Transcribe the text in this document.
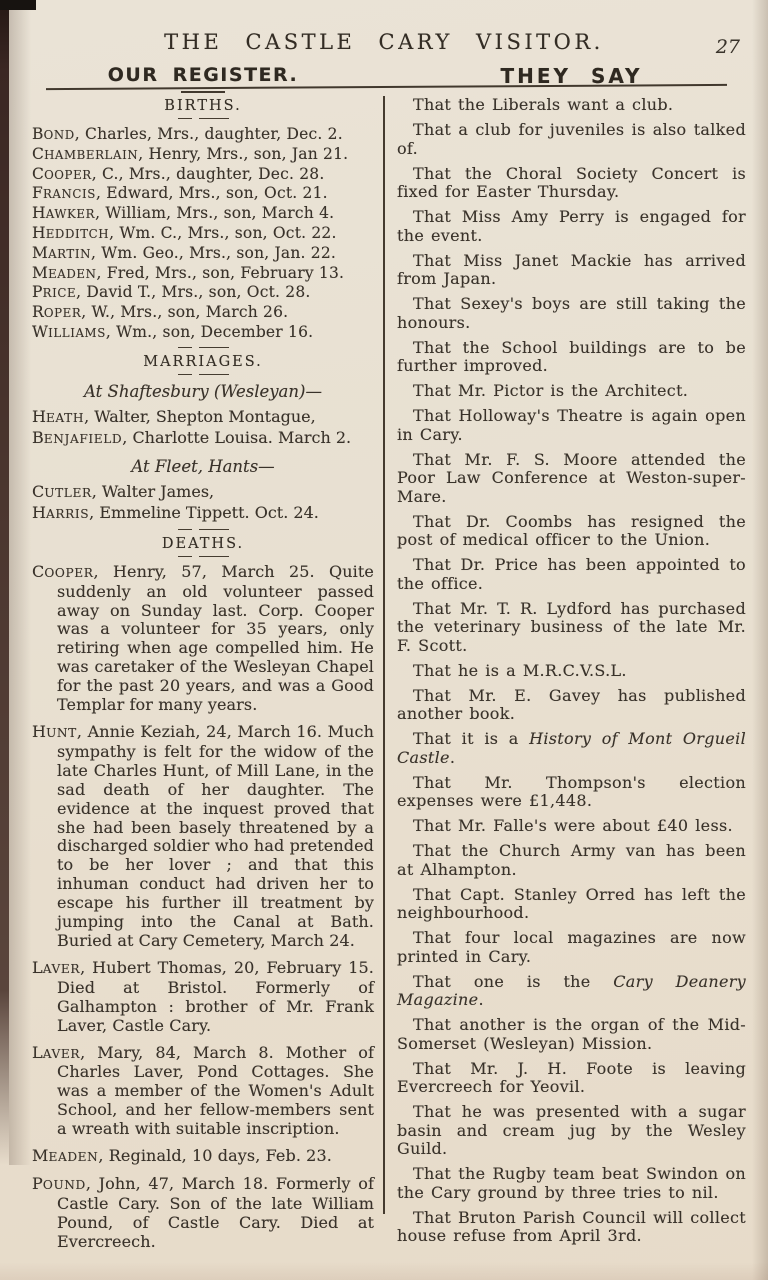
THE CASTLE CARY VISITOR.	27
OUR REGISTER.
BIRTHS.
BOND, Charles, Mrs., daughter, Dec. 2.
CHAMBERLAIN, Henry, Mrs., son, Jan 21.
COOPER, C., Mrs., daughter, Dec. 28.
FRANCIS, Edward, Mrs., son, Oct. 21.
HAWKER, William, Mrs., son, March 4.
HEDDITCH, Wm. C., Mrs., son, Oct. 22.
MARTIN, Wm. Geo., Mrs., son, Jan. 22.
MEADEN, Fred, Mrs., son, February 13.
PRICE, David T., Mrs., son, Oct. 28.
ROPER, W., Mrs., son, March 26.
WILLIAMS, Wm., son, December 16.
MARRIAGES.
At Shaftesbury (Wesleyan)—
HEATH, Walter, Shepton Montague,
BENJAFIELD, Charlotte Louisa. March 2.
At Fleet, Hants—
CUTLER, Walter James,
HARRIS, Emmeline Tippett. Oct. 24.
DEATHS.

COOPER, Henry, 57, March 25. Quite suddenly an old volunteer passed away on Sunday last. Corp. Cooper was a volunteer for 35 years, only retiring when age compelled him. He was caretaker of the Wesleyan Chapel for the past 20 years, and was a Good Templar for many years.

HUNT, Annie Keziah, 24, March 16. Much sympathy is felt for the widow of the late Charles Hunt, of Mill Lane, in the sad death of her daughter. The evidence at the inquest proved that she had been basely threatened by a discharged soldier who had pretended to be her lover ; and that this inhuman conduct had driven her to escape his further ill treatment by jumping into the Canal at Bath. Buried at Cary Cemetery, March 24.

LAVER, Hubert Thomas, 20, February 15. Died at Bristol. Formerly of Galhampton : brother of Mr. Frank Laver, Castle Cary.

LAVER, Mary, 84, March 8. Mother of Charles Laver, Pond Cottages. She was a member of the Women's Adult School, and her fellow-members sent a wreath with suitable inscription.

MEADEN, Reginald, 10 days, Feb. 23.

POUND, John, 47, March 18. Formerly of Castle Cary. Son of the late William Pound, of Castle Cary. Died at Evercreech.

THEY SAY

That the Liberals want a club.

That a club for juveniles is also talked of.

That the Choral Society Concert is fixed for Easter Thursday.

That Miss Amy Perry is engaged for the event.

That Miss Janet Mackie has arrived from Japan.

That Sexey's boys are still taking the honours.

That the School buildings are to be further improved.

That Mr. Pictor is the Architect.

That Holloway's Theatre is again open in Cary.

That Mr. F. S. Moore attended the Poor Law Conference at Weston-super-Mare.

That Dr. Coombs has resigned the post of medical officer to the Union.

That Dr. Price has been appointed to the office.

That Mr. T. R. Lydford has purchased the veterinary business of the late Mr. F. Scott.

That he is a M.R.C.V.S.L.

That Mr. E. Gavey has published another book.

That it is a History of Mont Orgueil Castle.

That Mr. Thompson's election expenses were £1,448.

That Mr. Falle's were about £40 less.

That the Church Army van has been at Alhampton.

That Capt. Stanley Orred has left the neighbourhood.

That four local magazines are now printed in Cary.

That one is the Cary Deanery Magazine.

That another is the organ of the Mid-Somerset (Wesleyan) Mission.

That Mr. J. H. Foote is leaving Evercreech for Yeovil.

That he was presented with a sugar basin and cream jug by the Wesley Guild.

That the Rugby team beat Swindon on the Cary ground by three tries to nil.

That Bruton Parish Council will collect house refuse from April 3rd.
